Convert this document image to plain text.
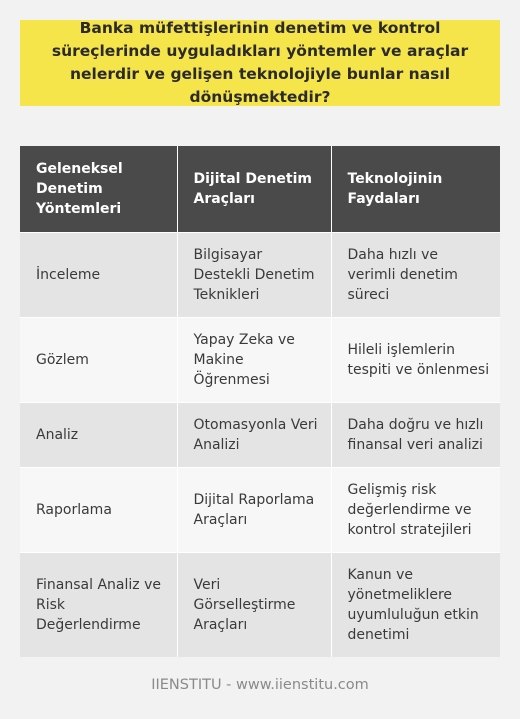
Banka müfettişlerinin denetim ve kontrol süreçlerinde uyguladıkları yöntemler ve araçlar nelerdir ve gelişen teknolojiyle bunlar nasıl dönüşmektedir?

Geleneksel Denetim Yöntemleri	Dijital Denetim Araçları	Teknolojinin Faydaları
İnceleme	Bilgisayar Destekli Denetim Teknikleri	Daha hızlı ve verimli denetim süreci
Gözlem	Yapay Zeka ve Makine Öğrenmesi	Hileli işlemlerin tespiti ve önlenmesi
Analiz	Otomasyonla Veri Analizi	Daha doğru ve hızlı finansal veri analizi
Raporlama	Dijital Raporlama Araçları	Gelişmiş risk değerlendirme ve kontrol stratejileri
Finansal Analiz ve Risk Değerlendirme	Veri Görselleştirme Araçları	Kanun ve yönetmeliklere uyumluluğun etkin denetimi
IIENSTITU - www.iienstitu.com
